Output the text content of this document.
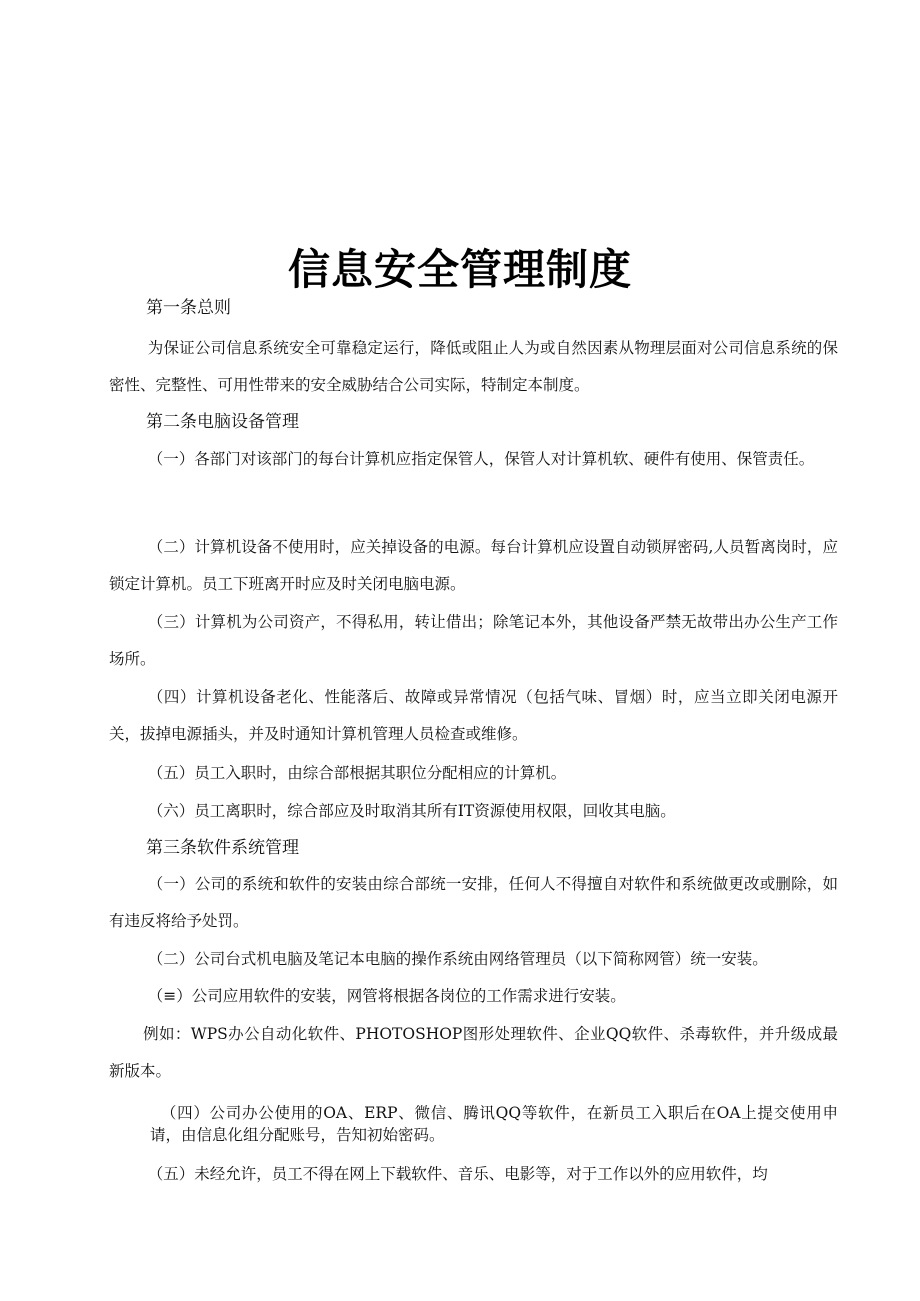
信息安全管理制度
第一条总则

为保证公司信息系统安全可靠稳定运行，降低或阻止人为或自然因素从物理层面对公司信息系统的保密性、完整性、可用性带来的安全威胁结合公司实际，特制定本制度。

第二条电脑设备管理

（一）各部门对该部门的每台计算机应指定保管人，保管人对计算机软、硬件有使用、保管责任。

（二）计算机设备不使用时，应关掉设备的电源。每台计算机应设置自动锁屏密码,人员暂离岗时，应锁定计算机。员工下班离开时应及时关闭电脑电源。

（三）计算机为公司资产，不得私用，转让借出；除笔记本外，其他设备严禁无故带出办公生产工作场所。

（四）计算机设备老化、性能落后、故障或异常情况（包括气味、冒烟）时，应当立即关闭电源开关，拔掉电源插头，并及时通知计算机管理人员检查或维修。

（五）员工入职时，由综合部根据其职位分配相应的计算机。

（六）员工离职时，综合部应及时取消其所有IT资源使用权限，回收其电脑。

第三条软件系统管理

（一）公司的系统和软件的安装由综合部统一安排，任何人不得擅自对软件和系统做更改或删除，如有违反将给予处罚。

（二）公司台式机电脑及笔记本电脑的操作系统由网络管理员（以下简称网管）统一安装。

（≡）公司应用软件的安装，网管将根据各岗位的工作需求进行安装。

例如：WPS办公自动化软件、PHOTOSHOP图形处理软件、企业QQ软件、杀毒软件，并升级成最新版本。

（四）公司办公使用的OA、ERP、微信、腾讯QQ等软件，在新员工入职后在OA上提交使用申请，由信息化组分配账号，告知初始密码。

（五）未经允许，员工不得在网上下载软件、音乐、电影等，对于工作以外的应用软件，均
